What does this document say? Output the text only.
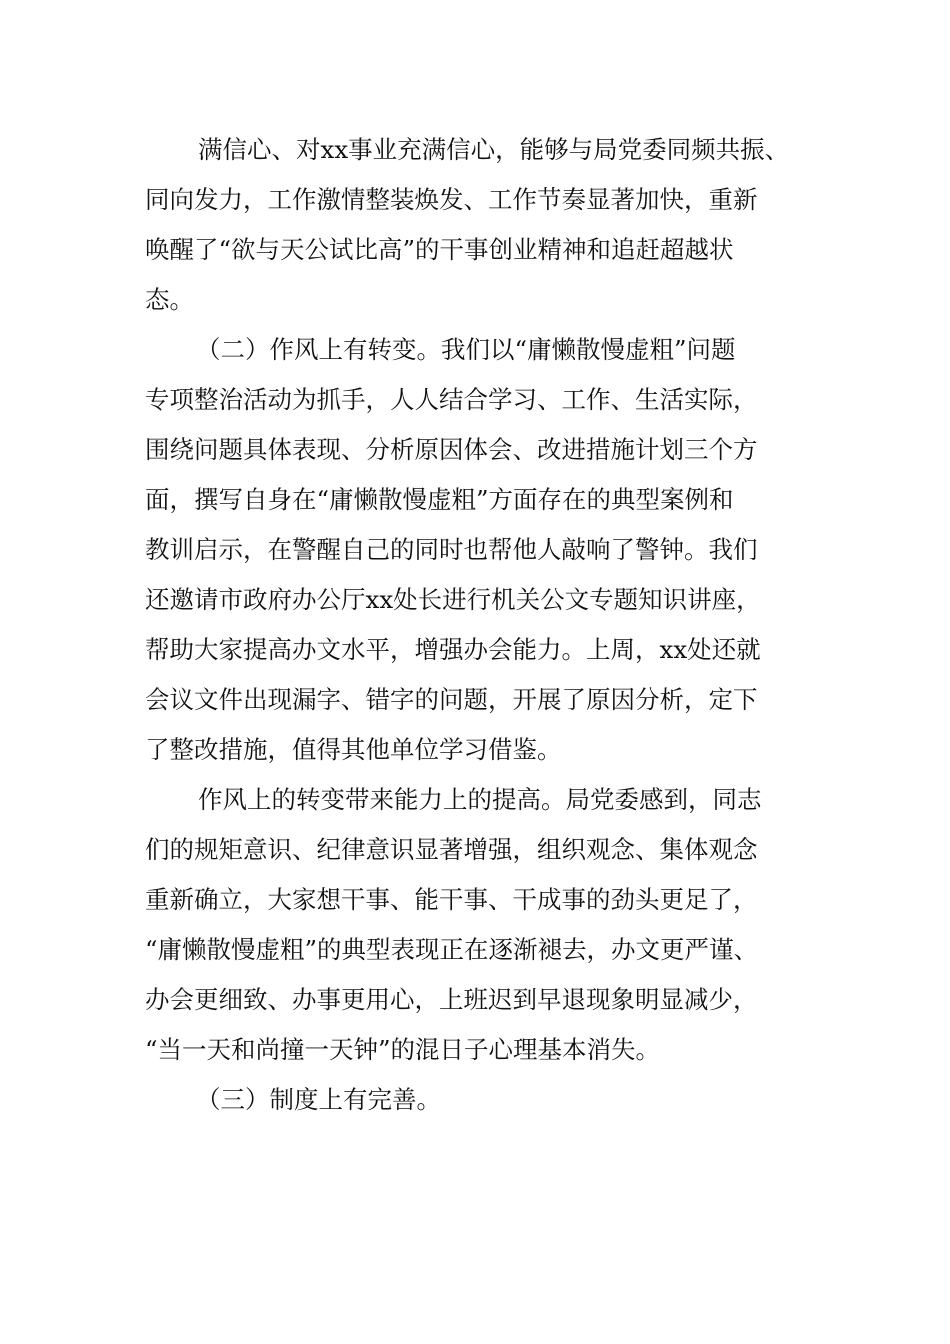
满信心、对xx事业充满信心，能够与局党委同频共振、
同向发力，工作激情整装焕发、工作节奏显著加快，重新
唤醒了“欲与天公试比高”的干事创业精神和追赶超越状
态。
（二）作风上有转变。我们以“庸懒散慢虚粗”问题
专项整治活动为抓手，人人结合学习、工作、生活实际，
围绕问题具体表现、分析原因体会、改进措施计划三个方
面，撰写自身在“庸懒散慢虚粗”方面存在的典型案例和
教训启示，在警醒自己的同时也帮他人敲响了警钟。我们
还邀请市政府办公厅xx处长进行机关公文专题知识讲座，
帮助大家提高办文水平，增强办会能力。上周，xx处还就
会议文件出现漏字、错字的问题，开展了原因分析，定下
了整改措施，值得其他单位学习借鉴。
作风上的转变带来能力上的提高。局党委感到，同志
们的规矩意识、纪律意识显著增强，组织观念、集体观念
重新确立，大家想干事、能干事、干成事的劲头更足了，
“庸懒散慢虚粗”的典型表现正在逐渐褪去，办文更严谨、
办会更细致、办事更用心，上班迟到早退现象明显减少，
“当一天和尚撞一天钟”的混日子心理基本消失。
（三）制度上有完善。
